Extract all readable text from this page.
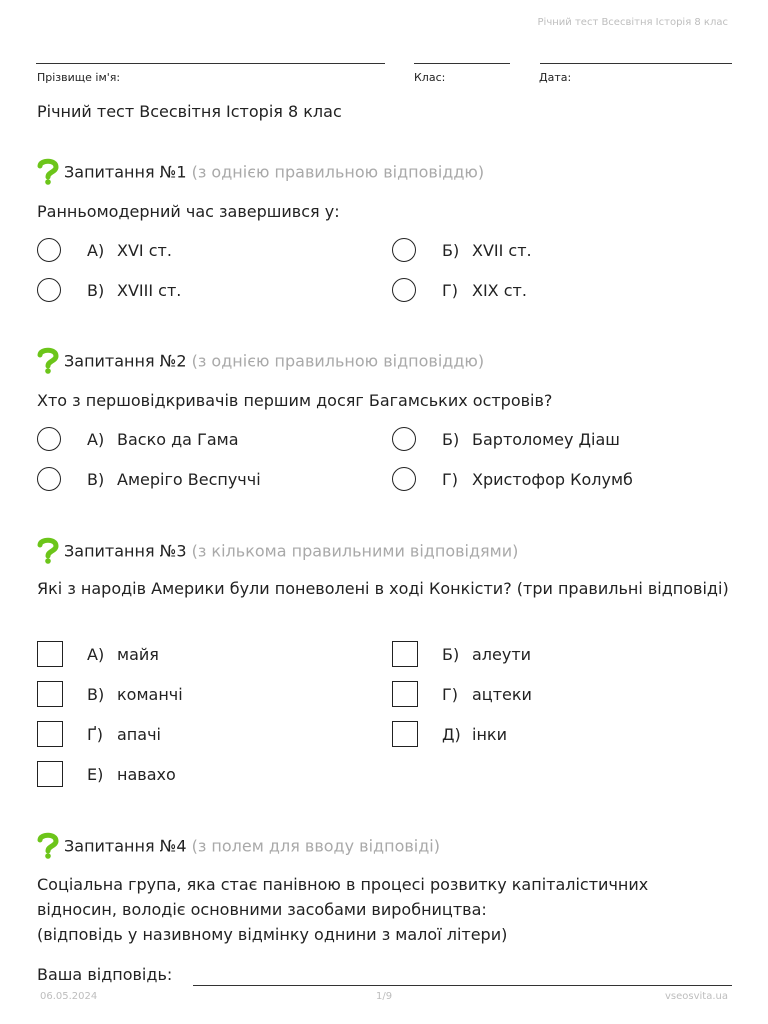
Річний тест Всесвітня Історія 8 клас
Прізвище ім'я:	Клас:	Дата:
Річний тест Всесвітня Історія 8 клас
Запитання №1 (з однією правильною відповіддю)
Ранньомодерний час завершився у:
А) XVI ст.	Б) XVII ст.
В) XVIII ст.	Г) XIX ст.
Запитання №2 (з однією правильною відповіддю)
Хто з першовідкривачів першим досяг Багамських островів?
А) Васко да Гама	Б) Бартоломеу Діаш
В) Амеріго Веспуччі	Г) Христофор Колумб
Запитання №3 (з кількома правильними відповідями)
Які з народів Америки були поневолені в ході Конкісти? (три правильні відповіді)
А) майя	Б) алеути
В) команчі	Г) ацтеки
Ґ) апачі	Д) інки
Е) навахо
Запитання №4 (з полем для вводу відповіді)
Соціальна група, яка стає панівною в процесі розвитку капіталістичних
відносин, володіє основними засобами виробництва:
(відповідь у називному відмінку однини з малої літери)
Ваша відповідь:
06.05.2024	1/9	vseosvita.ua
